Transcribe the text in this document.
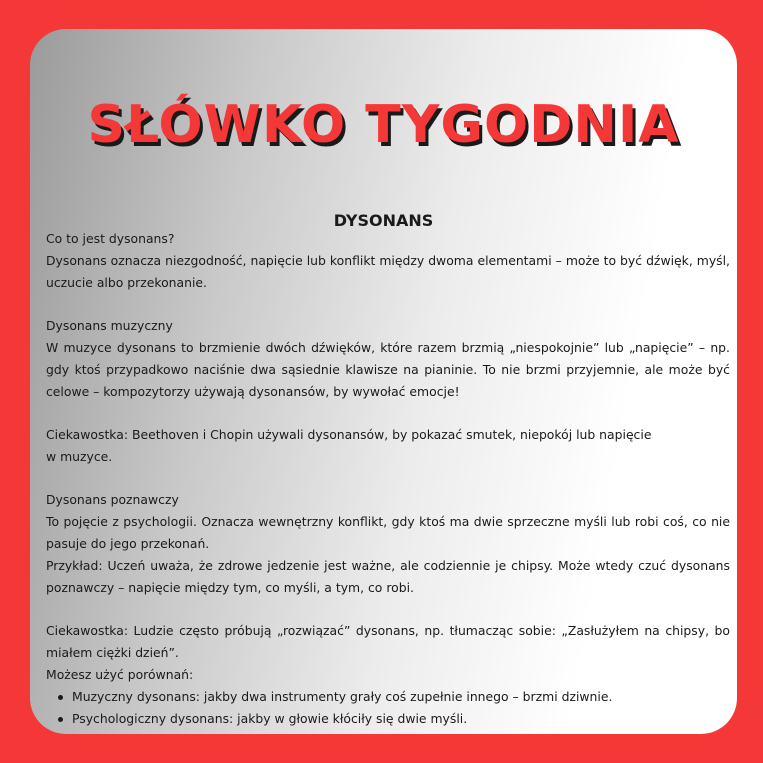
SŁÓWKO TYGODNIA
DYSONANS

Co to jest dysonans?

Dysonans oznacza niezgodność, napięcie lub konflikt między dwoma elementami – może to być dźwięk, myśl, uczucie albo przekonanie.

Dysonans muzyczny

W muzyce dysonans to brzmienie dwóch dźwięków, które razem brzmią „niespokojnie” lub „napięcie” – np. gdy ktoś przypadkowo naciśnie dwa sąsiednie klawisze na pianinie. To nie brzmi przyjemnie, ale może być celowe – kompozytorzy używają dysonansów, by wywołać emocje!

Ciekawostka: Beethoven i Chopin używali dysonansów, by pokazać smutek, niepokój lub napięcie

w muzyce.

Dysonans poznawczy

To pojęcie z psychologii. Oznacza wewnętrzny konflikt, gdy ktoś ma dwie sprzeczne myśli lub robi coś, co nie pasuje do jego przekonań.

Przykład: Uczeń uważa, że zdrowe jedzenie jest ważne, ale codziennie je chipsy. Może wtedy czuć dysonans poznawczy – napięcie między tym, co myśli, a tym, co robi.

Ciekawostka: Ludzie często próbują „rozwiązać” dysonans, np. tłumacząc sobie: „Zasłużyłem na chipsy, bo miałem ciężki dzień”.

Możesz użyć porównań:

Muzyczny dysonans: jakby dwa instrumenty grały coś zupełnie innego – brzmi dziwnie.
Psychologiczny dysonans: jakby w głowie kłóciły się dwie myśli.
